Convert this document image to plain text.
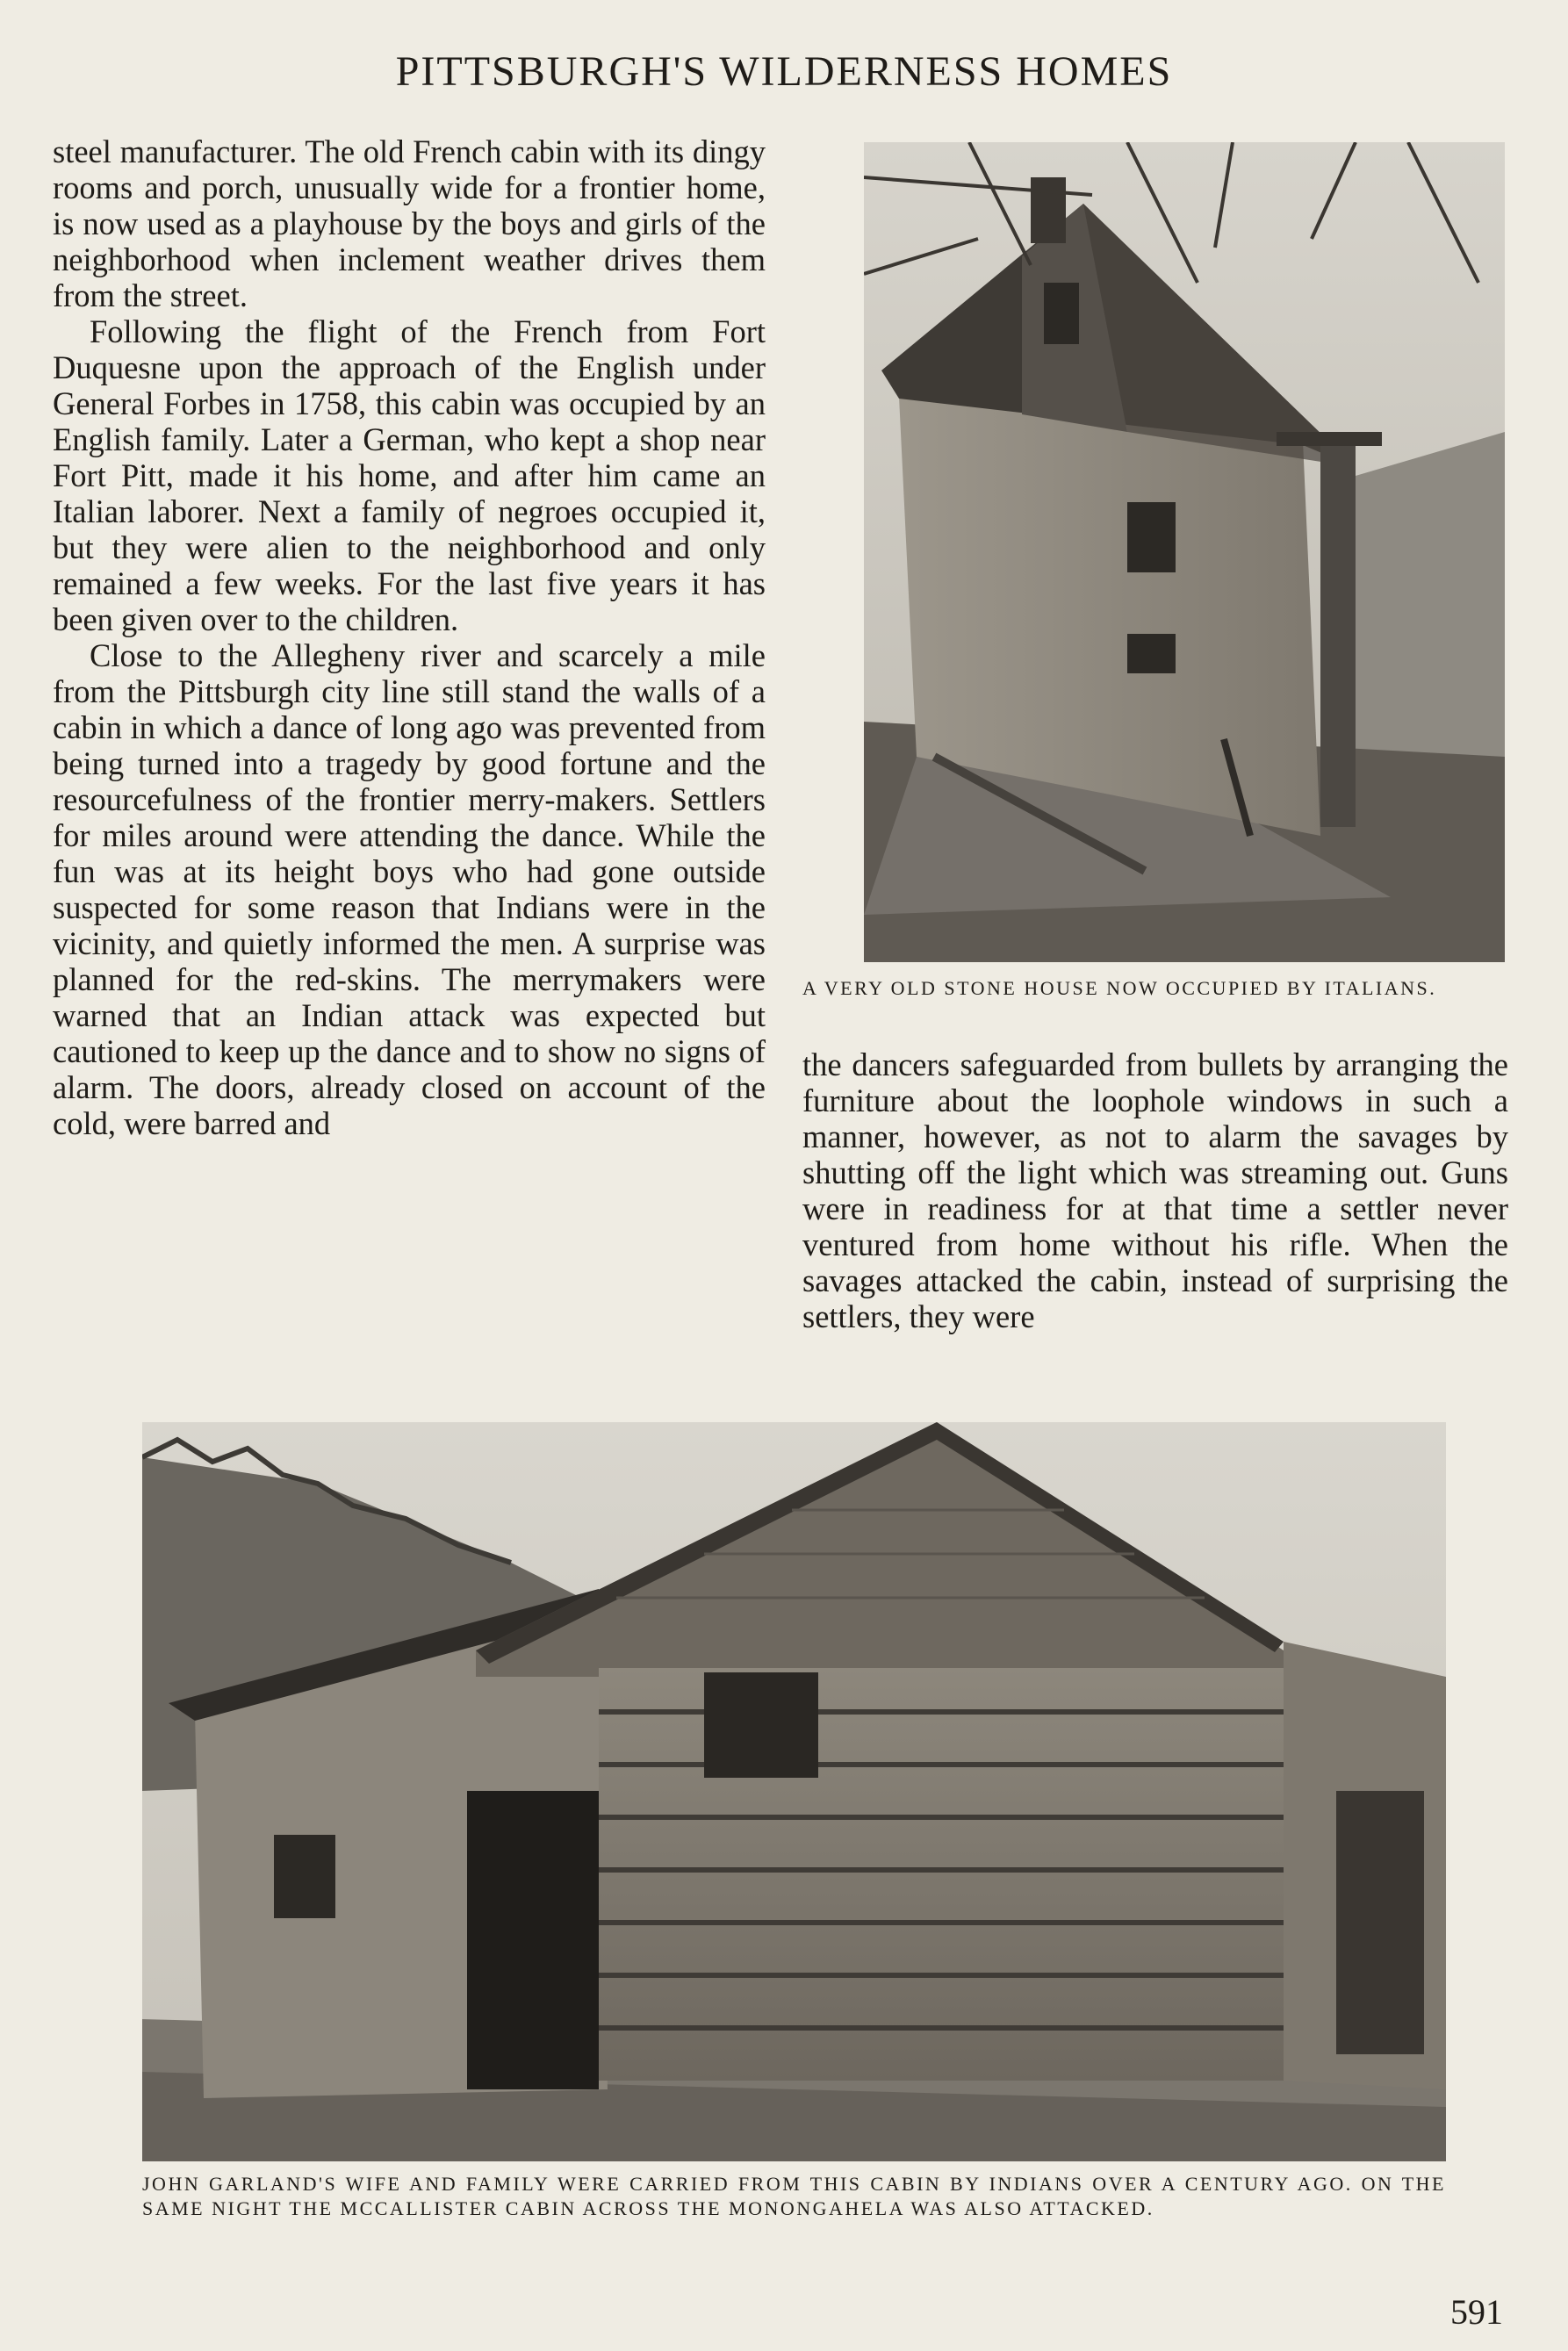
PITTSBURGH'S WILDERNESS HOMES

steel manufacturer. The old French cabin with its dingy rooms and porch, unusually wide for a frontier home, is now used as a playhouse by the boys and girls of the neighborhood when inclement weather drives them from the street.

Following the flight of the French from Fort Duquesne upon the approach of the English under General Forbes in 1758, this cabin was occupied by an English family. Later a German, who kept a shop near Fort Pitt, made it his home, and after him came an Italian laborer. Next a family of negroes occupied it, but they were alien to the neighborhood and only remained a few weeks. For the last five years it has been given over to the children.

Close to the Allegheny river and scarcely a mile from the Pittsburgh city line still stand the walls of a cabin in which a dance of long ago was prevented from being turned into a tragedy by good fortune and the resourcefulness of the frontier merry-makers. Settlers for miles around were attending the dance. While the fun was at its height boys who had gone outside suspected for some reason that Indians were in the vicinity, and quietly informed the men. A surprise was planned for the red-skins. The merrymakers were warned that an Indian attack was expected but cautioned to keep up the dance and to show no signs of alarm. The doors, already closed on account of the cold, were barred and

A VERY OLD STONE HOUSE NOW OCCUPIED BY ITALIANS.

the dancers safeguarded from bullets by arranging the furniture about the loophole windows in such a manner, however, as not to alarm the savages by shutting off the light which was streaming out. Guns were in readiness for at that time a settler never ventured from home without his rifle. When the savages attacked the cabin, instead of surprising the settlers, they were

JOHN GARLAND'S WIFE AND FAMILY WERE CARRIED FROM THIS CABIN BY INDIANS OVER A CENTURY AGO. ON THE SAME NIGHT THE MCCALLISTER CABIN ACROSS THE MONONGAHELA WAS ALSO ATTACKED.
591
